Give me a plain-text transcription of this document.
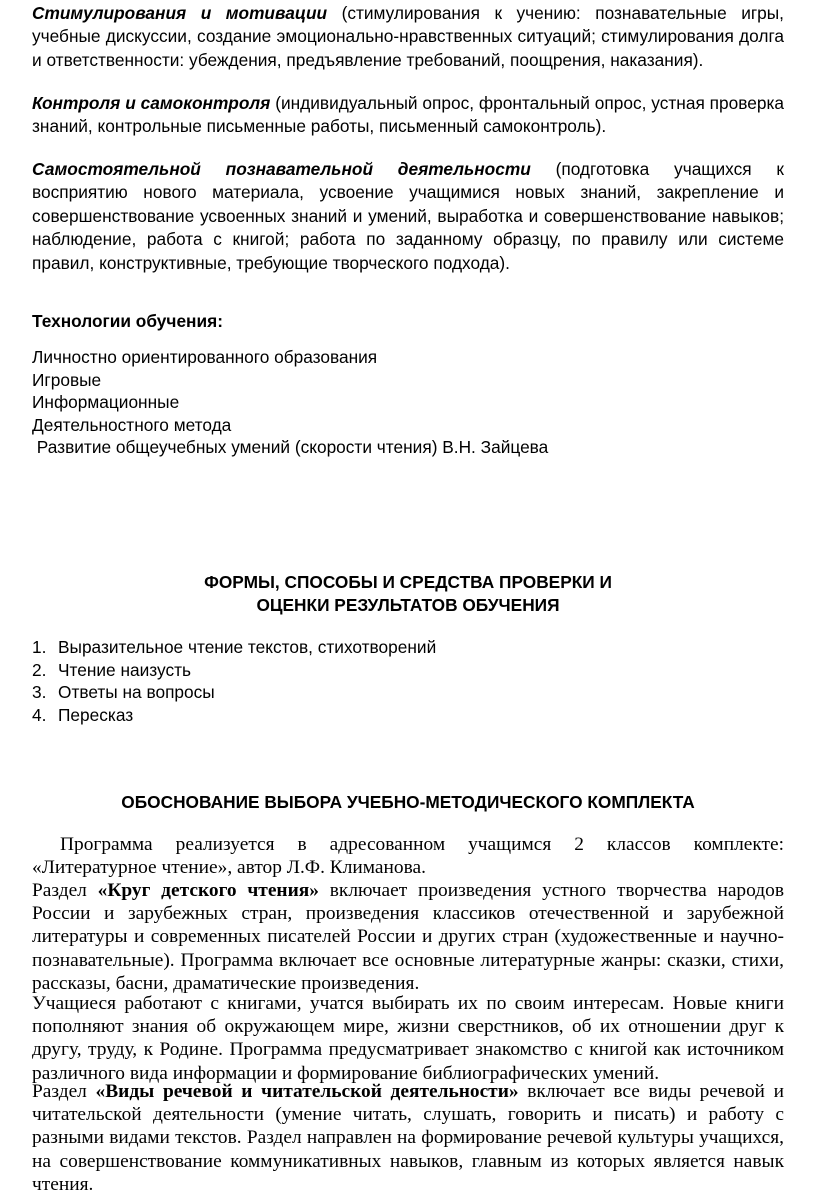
Стимулирования и мотивации (стимулирования к учению: познавательные игры, учебные дискуссии, создание эмоционально-нравственных ситуаций; стимулирования долга и ответственности: убеждения, предъявление требований, поощрения, наказания).

Контроля и самоконтроля (индивидуальный опрос, фронтальный опрос, устная проверка знаний, контрольные письменные работы, письменный самоконтроль).

Самостоятельной познавательной деятельности (подготовка учащихся к восприятию нового материала, усвоение учащимися новых знаний, закрепление и совершенствование усвоенных знаний и умений, выработка и совершенствование навыков; наблюдение, работа с книгой; работа по заданному образцу, по правилу или системе правил, конструктивные, требующие творческого подхода).

Технологии обучения:

Личностно ориентированного образования
Игровые
Информационные
Деятельностного метода
Развитие общеучебных умений (скорости чтения) В.Н. Зайцева
ФОРМЫ, СПОСОБЫ И СРЕДСТВА ПРОВЕРКИ И
ОЦЕНКИ РЕЗУЛЬТАТОВ ОБУЧЕНИЯ
1. Выразительное чтение текстов, стихотворений
2. Чтение наизусть
3. Ответы на вопросы
4. Пересказ

ОБОСНОВАНИЕ ВЫБОРА УЧЕБНО-МЕТОДИЧЕСКОГО КОМПЛЕКТА

Программа реализуется в адресованном учащимся 2 классов комплекте: «Литературное чтение», автор Л.Ф. Климанова.

Раздел «Круг детского чтения» включает произведения устного творчества народов России и зарубежных стран, произведения классиков отечественной и зарубежной литературы и современных писателей России и других стран (художественные и научно-познавательные). Программа включает все основные литературные жанры: сказки, стихи, рассказы, басни, драматические произведения.

Учащиеся работают с книгами, учатся выбирать их по своим интересам. Новые книги пополняют знания об окружающем мире, жизни сверстников, об их отношении друг к другу, труду, к Родине. Программа предусматривает знакомство с книгой как источником различного вида информации и формирование библиографических умений.

Раздел «Виды речевой и читательской деятельности» включает все виды речевой и читательской деятельности (умение читать, слушать, говорить и писать) и работу с разными видами текстов. Раздел направлен на формирование речевой культуры учащихся, на совершенствование коммуникативных навыков, главным из которых является навык чтения.
